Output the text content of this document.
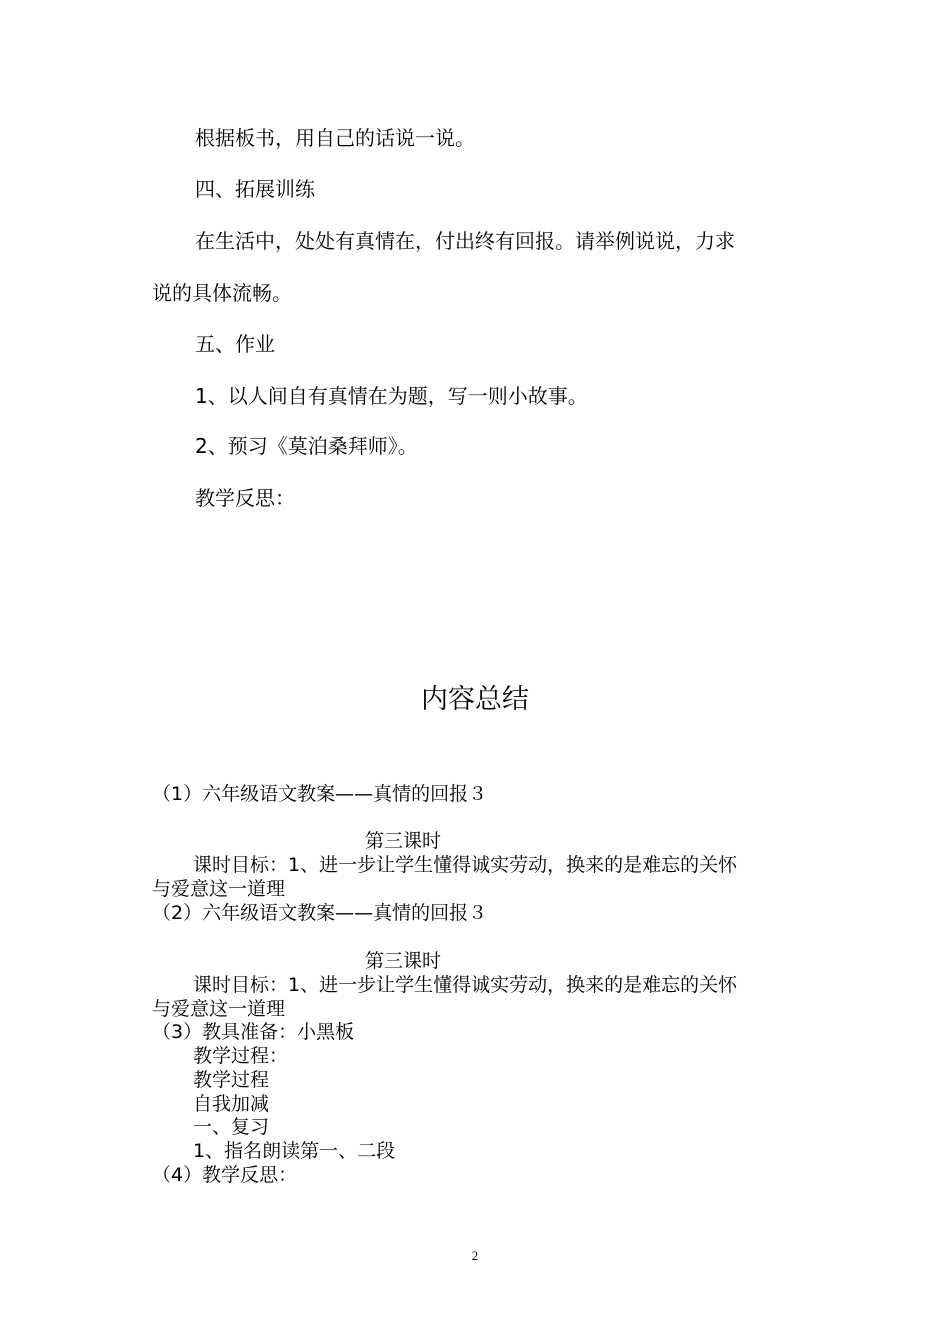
根据板书，用自己的话说一说。
四、拓展训练
在生活中，处处有真情在，付出终有回报。请举例说说，力求
说的具体流畅。
五、作业
1、以人间自有真情在为题，写一则小故事。
2、预习《莫泊桑拜师》。
教学反思：
内容总结
（1）六年级语文教案——真情的回报３
第三课时
课时目标：1、进一步让学生懂得诚实劳动，换来的是难忘的关怀
与爱意这一道理
（2）六年级语文教案——真情的回报３
第三课时
课时目标：1、进一步让学生懂得诚实劳动，换来的是难忘的关怀
与爱意这一道理
（3）教具准备：小黑板
教学过程：
教学过程
自我加减
一、复习
1、指名朗读第一、二段
（4）教学反思：
2
